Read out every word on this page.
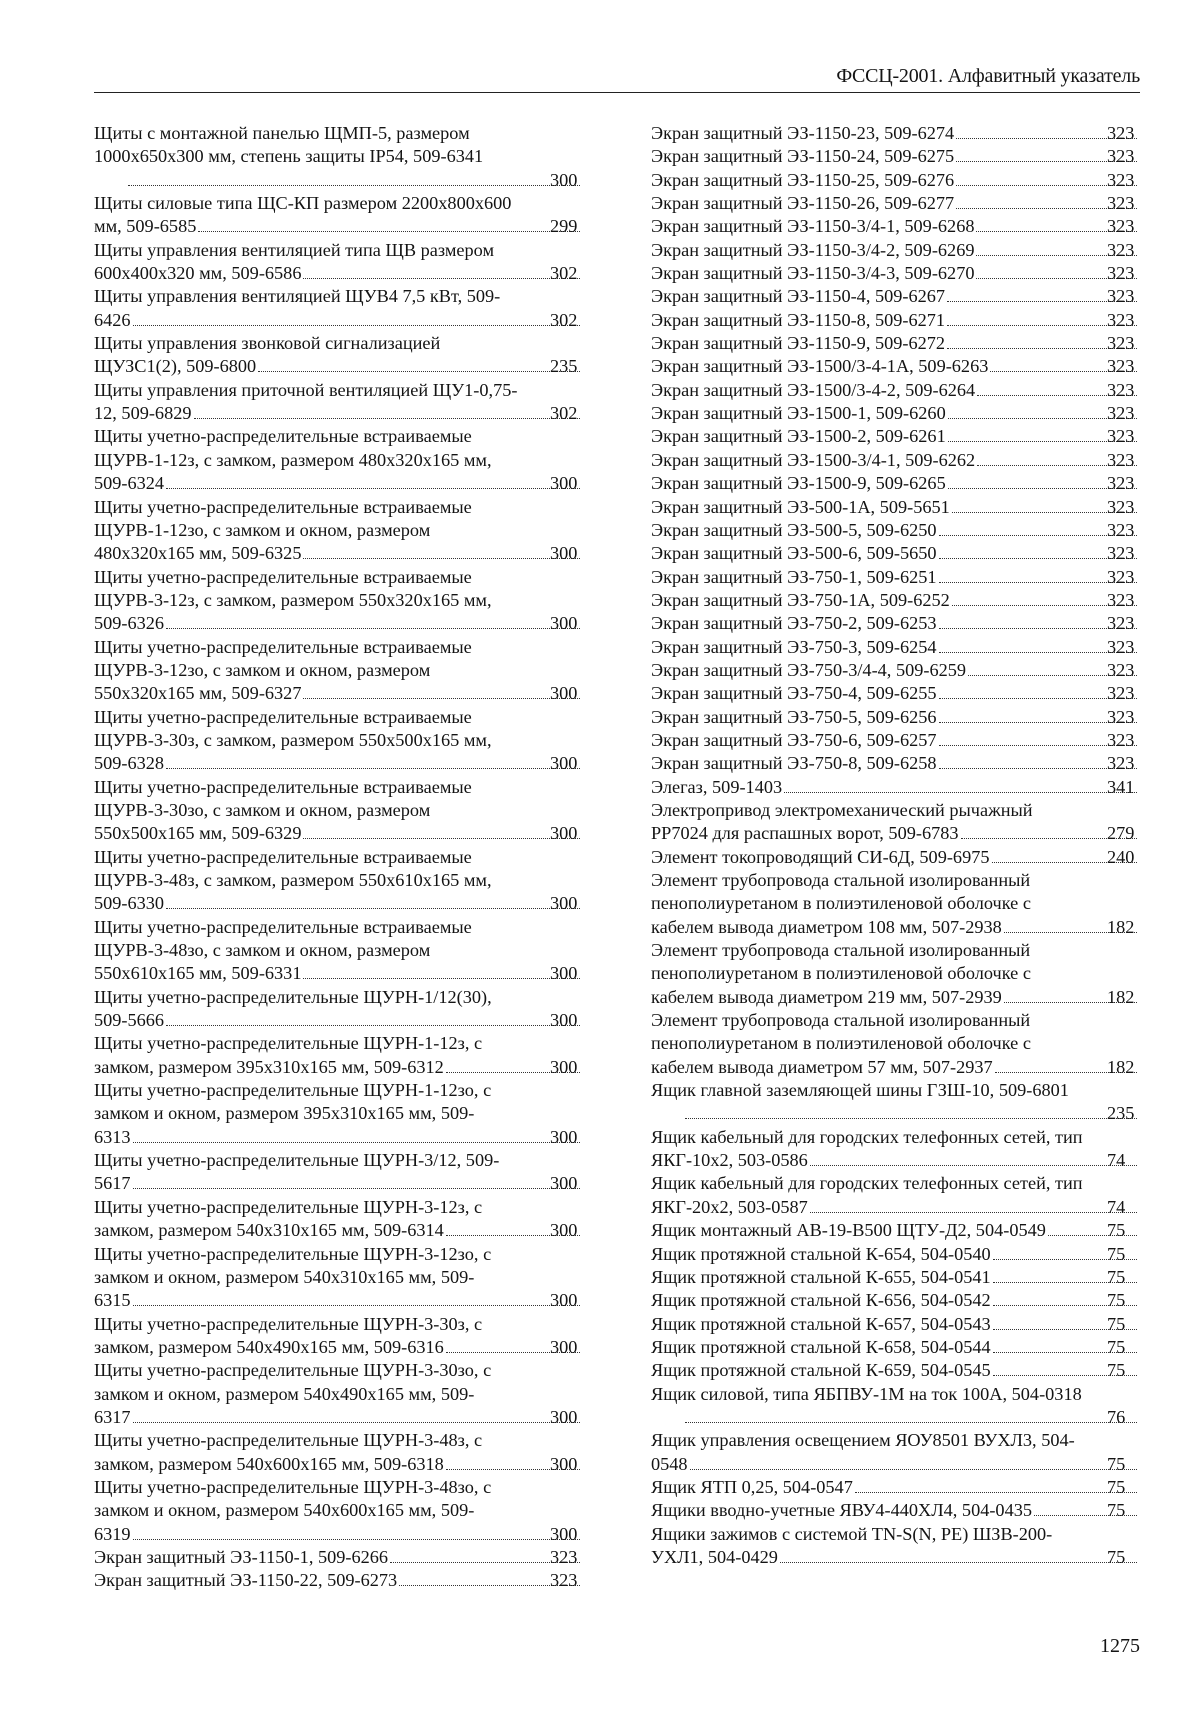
ФССЦ-2001. Алфавитный указатель
Щиты с монтажной панелью ЩМП-5, размером
1000x650x300 мм, степень защиты IP54, 509-6341
300
Щиты силовые типа ЩС-КП размером 2200x800x600
мм, 509-6585	299
Щиты управления вентиляцией типа ЩВ размером
600x400x320 мм, 509-6586	302
Щиты управления вентиляцией ЩУВ4 7,5 кВт, 509-
6426	302
Щиты управления звонковой сигнализацией
ЩУЗС1(2), 509-6800	235
Щиты управления приточной вентиляцией ЩУ1-0,75-
12, 509-6829	302
Щиты учетно-распределительные встраиваемые
ЩУРВ-1-12з, с замком, размером 480x320x165 мм,
509-6324	300
Щиты учетно-распределительные встраиваемые
ЩУРВ-1-12зо, с замком и окном, размером
480x320x165 мм, 509-6325	300
Щиты учетно-распределительные встраиваемые
ЩУРВ-3-12з, с замком, размером 550x320x165 мм,
509-6326	300
Щиты учетно-распределительные встраиваемые
ЩУРВ-3-12зо, с замком и окном, размером
550x320x165 мм, 509-6327	300
Щиты учетно-распределительные встраиваемые
ЩУРВ-3-30з, с замком, размером 550x500x165 мм,
509-6328	300
Щиты учетно-распределительные встраиваемые
ЩУРВ-3-30зо, с замком и окном, размером
550x500x165 мм, 509-6329	300
Щиты учетно-распределительные встраиваемые
ЩУРВ-3-48з, с замком, размером 550x610x165 мм,
509-6330	300
Щиты учетно-распределительные встраиваемые
ЩУРВ-3-48зо, с замком и окном, размером
550x610x165 мм, 509-6331	300
Щиты учетно-распределительные ЩУРН-1/12(30),
509-5666	300
Щиты учетно-распределительные ЩУРН-1-12з, с
замком, размером 395x310x165 мм, 509-6312	300
Щиты учетно-распределительные ЩУРН-1-12зо, с
замком и окном, размером 395x310x165 мм, 509-
6313	300
Щиты учетно-распределительные ЩУРН-3/12, 509-
5617	300
Щиты учетно-распределительные ЩУРН-3-12з, с
замком, размером 540x310x165 мм, 509-6314	300
Щиты учетно-распределительные ЩУРН-3-12зо, с
замком и окном, размером 540x310x165 мм, 509-
6315	300
Щиты учетно-распределительные ЩУРН-3-30з, с
замком, размером 540x490x165 мм, 509-6316	300
Щиты учетно-распределительные ЩУРН-3-30зо, с
замком и окном, размером 540x490x165 мм, 509-
6317	300
Щиты учетно-распределительные ЩУРН-3-48з, с
замком, размером 540x600x165 мм, 509-6318	300
Щиты учетно-распределительные ЩУРН-3-48зо, с
замком и окном, размером 540x600x165 мм, 509-
6319	300
Экран защитный ЭЗ-1150-1, 509-6266	323
Экран защитный ЭЗ-1150-22, 509-6273	323
Экран защитный ЭЗ-1150-23, 509-6274	323
Экран защитный ЭЗ-1150-24, 509-6275	323
Экран защитный ЭЗ-1150-25, 509-6276	323
Экран защитный ЭЗ-1150-26, 509-6277	323
Экран защитный ЭЗ-1150-3/4-1, 509-6268	323
Экран защитный ЭЗ-1150-3/4-2, 509-6269	323
Экран защитный ЭЗ-1150-3/4-3, 509-6270	323
Экран защитный ЭЗ-1150-4, 509-6267	323
Экран защитный ЭЗ-1150-8, 509-6271	323
Экран защитный ЭЗ-1150-9, 509-6272	323
Экран защитный ЭЗ-1500/3-4-1А, 509-6263	323
Экран защитный ЭЗ-1500/3-4-2, 509-6264	323
Экран защитный ЭЗ-1500-1, 509-6260	323
Экран защитный ЭЗ-1500-2, 509-6261	323
Экран защитный ЭЗ-1500-3/4-1, 509-6262	323
Экран защитный ЭЗ-1500-9, 509-6265	323
Экран защитный ЭЗ-500-1А, 509-5651	323
Экран защитный ЭЗ-500-5, 509-6250	323
Экран защитный ЭЗ-500-6, 509-5650	323
Экран защитный ЭЗ-750-1, 509-6251	323
Экран защитный ЭЗ-750-1А, 509-6252	323
Экран защитный ЭЗ-750-2, 509-6253	323
Экран защитный ЭЗ-750-3, 509-6254	323
Экран защитный ЭЗ-750-3/4-4, 509-6259	323
Экран защитный ЭЗ-750-4, 509-6255	323
Экран защитный ЭЗ-750-5, 509-6256	323
Экран защитный ЭЗ-750-6, 509-6257	323
Экран защитный ЭЗ-750-8, 509-6258	323
Элегаз, 509-1403	341
Электропривод электромеханический рычажный
РР7024 для распашных ворот, 509-6783	279
Элемент токопроводящий СИ-6Д, 509-6975	240
Элемент трубопровода стальной изолированный
пенополиуретаном в полиэтиленовой оболочке с
кабелем вывода диаметром 108 мм, 507-2938	182
Элемент трубопровода стальной изолированный
пенополиуретаном в полиэтиленовой оболочке с
кабелем вывода диаметром 219 мм, 507-2939	182
Элемент трубопровода стальной изолированный
пенополиуретаном в полиэтиленовой оболочке с
кабелем вывода диаметром 57 мм, 507-2937	182
Ящик главной заземляющей шины ГЗШ-10, 509-6801
235
Ящик кабельный для городских телефонных сетей, тип
ЯКГ-10x2, 503-0586	74
Ящик кабельный для городских телефонных сетей, тип
ЯКГ-20x2, 503-0587	74
Ящик монтажный АВ-19-В500 ЩТУ-Д2, 504-0549	75
Ящик протяжной стальной К-654, 504-0540	75
Ящик протяжной стальной К-655, 504-0541	75
Ящик протяжной стальной К-656, 504-0542	75
Ящик протяжной стальной К-657, 504-0543	75
Ящик протяжной стальной К-658, 504-0544	75
Ящик протяжной стальной К-659, 504-0545	75
Ящик силовой, типа ЯБПВУ-1М на ток 100А, 504-0318
76
Ящик управления освещением ЯОУ8501 ВУХЛ3, 504-
0548	75
Ящик ЯТП 0,25, 504-0547	75
Ящики вводно-учетные ЯВУ4-440ХЛ4, 504-0435	75
Ящики зажимов с системой TN-S(N, PE) ШЗВ-200-
УХЛ1, 504-0429	75
1275
